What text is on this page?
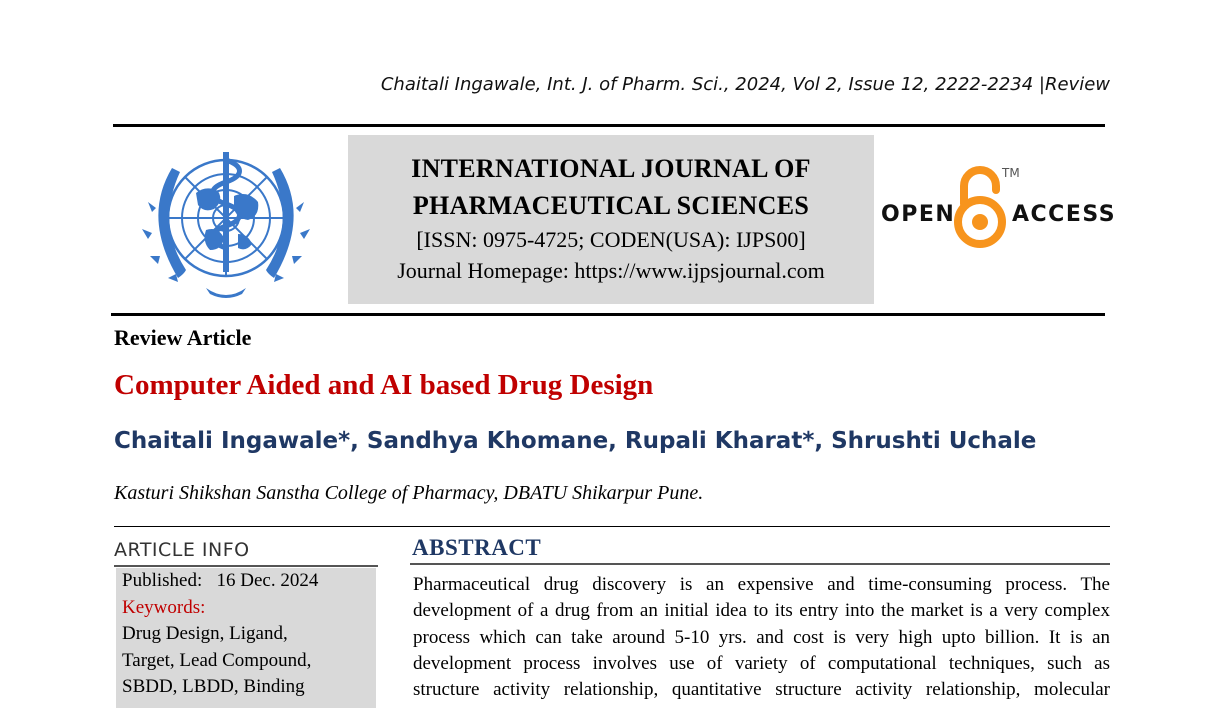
Chaitali Ingawale, Int. J. of Pharm. Sci., 2024, Vol 2, Issue 12, 2222-2234 |Review
INTERNATIONAL JOURNAL OF
PHARMACEUTICAL SCIENCES
[ISSN: 0975-4725; CODEN(USA): IJPS00]
Journal Homepage: https://www.ijpsjournal.com
OPEN
TM
ACCESS
Review Article
Computer Aided and AI based Drug Design
Chaitali Ingawale*, Sandhya Khomane, Rupali Kharat*, Shrushti Uchale
Kasturi Shikshan Sanstha College of Pharmacy, DBATU Shikarpur Pune.
ARTICLE INFO
Published: 16 Dec. 2024
Keywords:
Drug Design, Ligand,
Target, Lead Compound,
SBDD, LBDD, Binding
ABSTRACT
Pharmaceutical drug discovery is an expensive and time-consuming process. The
development of a drug from an initial idea to its entry into the market is a very complex
process which can take around 5-10 yrs. and cost is very high upto billion. It is an
development process involves use of variety of computational techniques, such as
structure activity relationship, quantitative structure activity relationship, molecular
